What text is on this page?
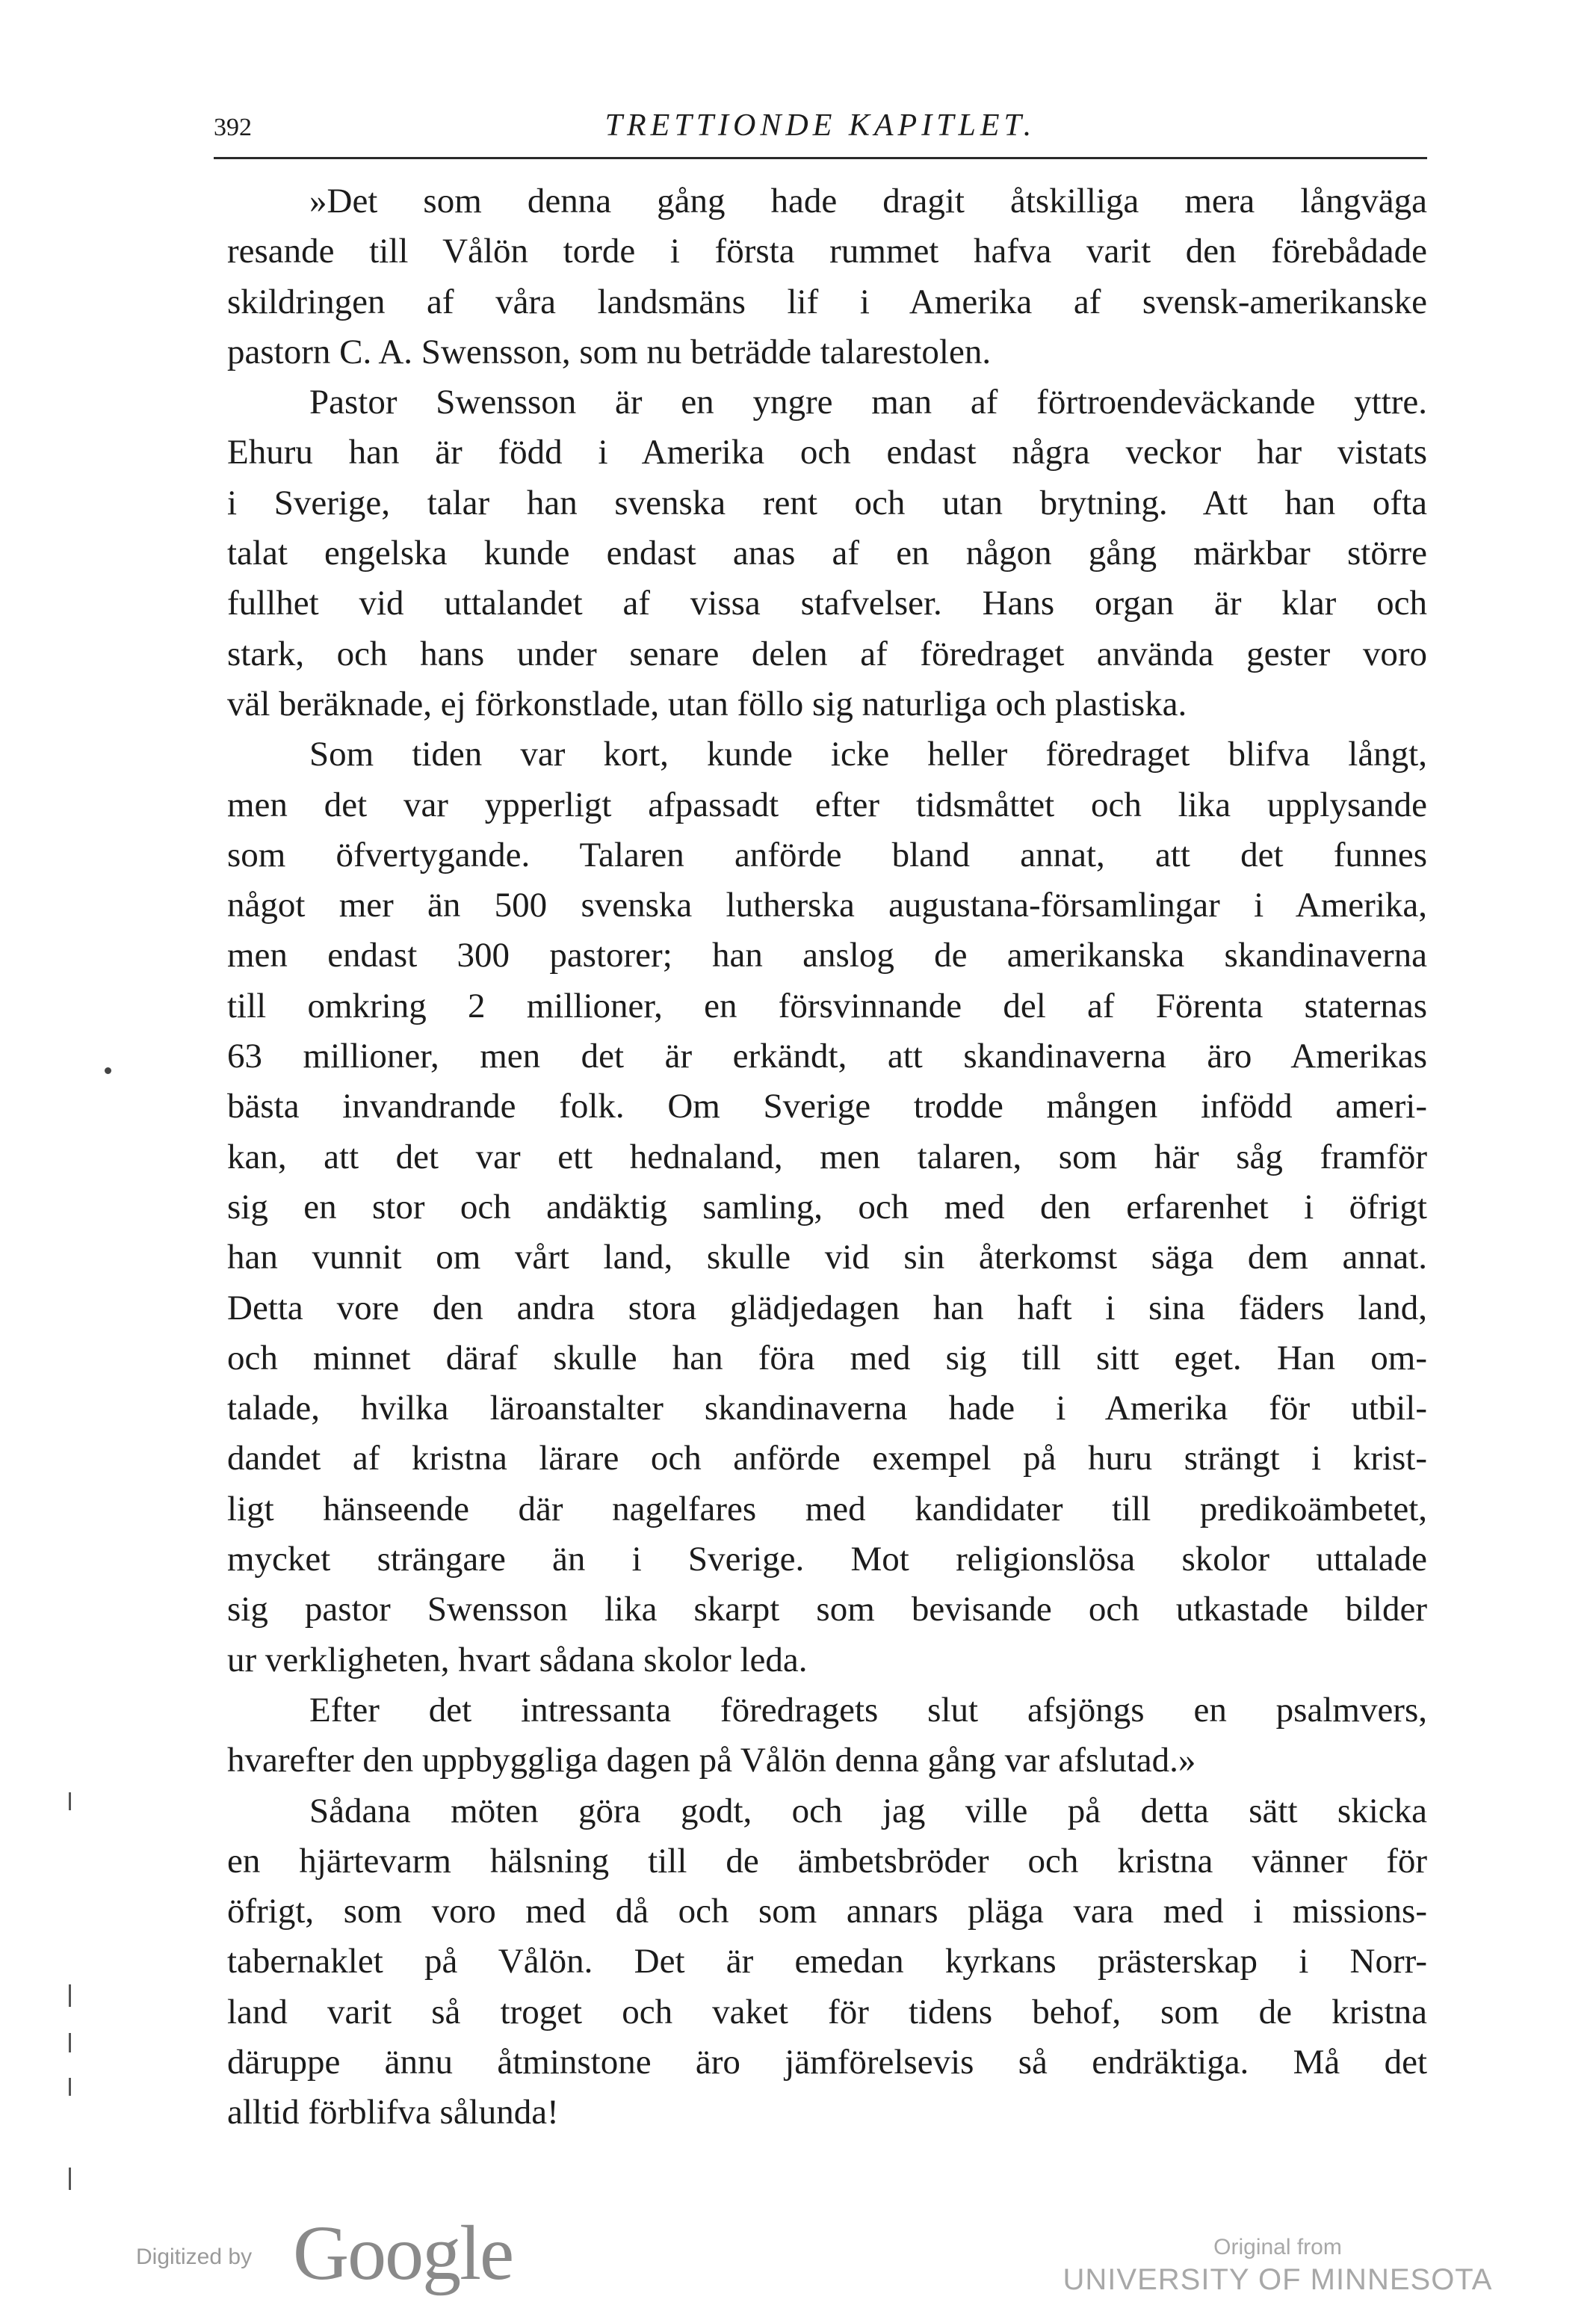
392	TRETTIONDE KAPITLET.
»Det som denna gång hade dragit åtskilliga mera långväga
resande till Vålön torde i första rummet hafva varit den förebådade
skildringen af våra landsmäns lif i Amerika af svensk-amerikanske
pastorn C. A. Swensson, som nu beträdde talarestolen.
Pastor Swensson är en yngre man af förtroendeväckande yttre.
Ehuru han är född i Amerika och endast några veckor har vistats
i Sverige, talar han svenska rent och utan brytning. Att han ofta
talat engelska kunde endast anas af en någon gång märkbar större
fullhet vid uttalandet af vissa stafvelser. Hans organ är klar och
stark, och hans under senare delen af föredraget använda gester voro
väl beräknade, ej förkonstlade, utan föllo sig naturliga och plastiska.
Som tiden var kort, kunde icke heller föredraget blifva långt,
men det var ypperligt afpassadt efter tidsmåttet och lika upplysande
som öfvertygande. Talaren anförde bland annat, att det funnes
något mer än 500 svenska lutherska augustana-församlingar i Amerika,
men endast 300 pastorer; han anslog de amerikanska skandinaverna
till omkring 2 millioner, en försvinnande del af Förenta staternas
63 millioner, men det är erkändt, att skandinaverna äro Amerikas
bästa invandrande folk. Om Sverige trodde mången infödd ameri-
kan, att det var ett hednaland, men talaren, som här såg framför
sig en stor och andäktig samling, och med den erfarenhet i öfrigt
han vunnit om vårt land, skulle vid sin återkomst säga dem annat.
Detta vore den andra stora glädjedagen han haft i sina fäders land,
och minnet däraf skulle han föra med sig till sitt eget. Han om-
talade, hvilka läroanstalter skandinaverna hade i Amerika för utbil-
dandet af kristna lärare och anförde exempel på huru strängt i krist-
ligt hänseende där nagelfares med kandidater till predikoämbetet,
mycket strängare än i Sverige. Mot religionslösa skolor uttalade
sig pastor Swensson lika skarpt som bevisande och utkastade bilder
ur verkligheten, hvart sådana skolor leda.
Efter det intressanta föredragets slut afsjöngs en psalmvers,
hvarefter den uppbyggliga dagen på Vålön denna gång var afslutad.»
Sådana möten göra godt, och jag ville på detta sätt skicka
en hjärtevarm hälsning till de ämbetsbröder och kristna vänner för
öfrigt, som voro med då och som annars pläga vara med i missions-
tabernaklet på Vålön. Det är emedan kyrkans prästerskap i Norr-
land varit så troget och vaket för tidens behof, som de kristna
däruppe ännu åtminstone äro jämförelsevis så endräktiga. Må det
alltid förblifva sålunda!
Digitized by Google	Original from
UNIVERSITY OF MINNESOTA
